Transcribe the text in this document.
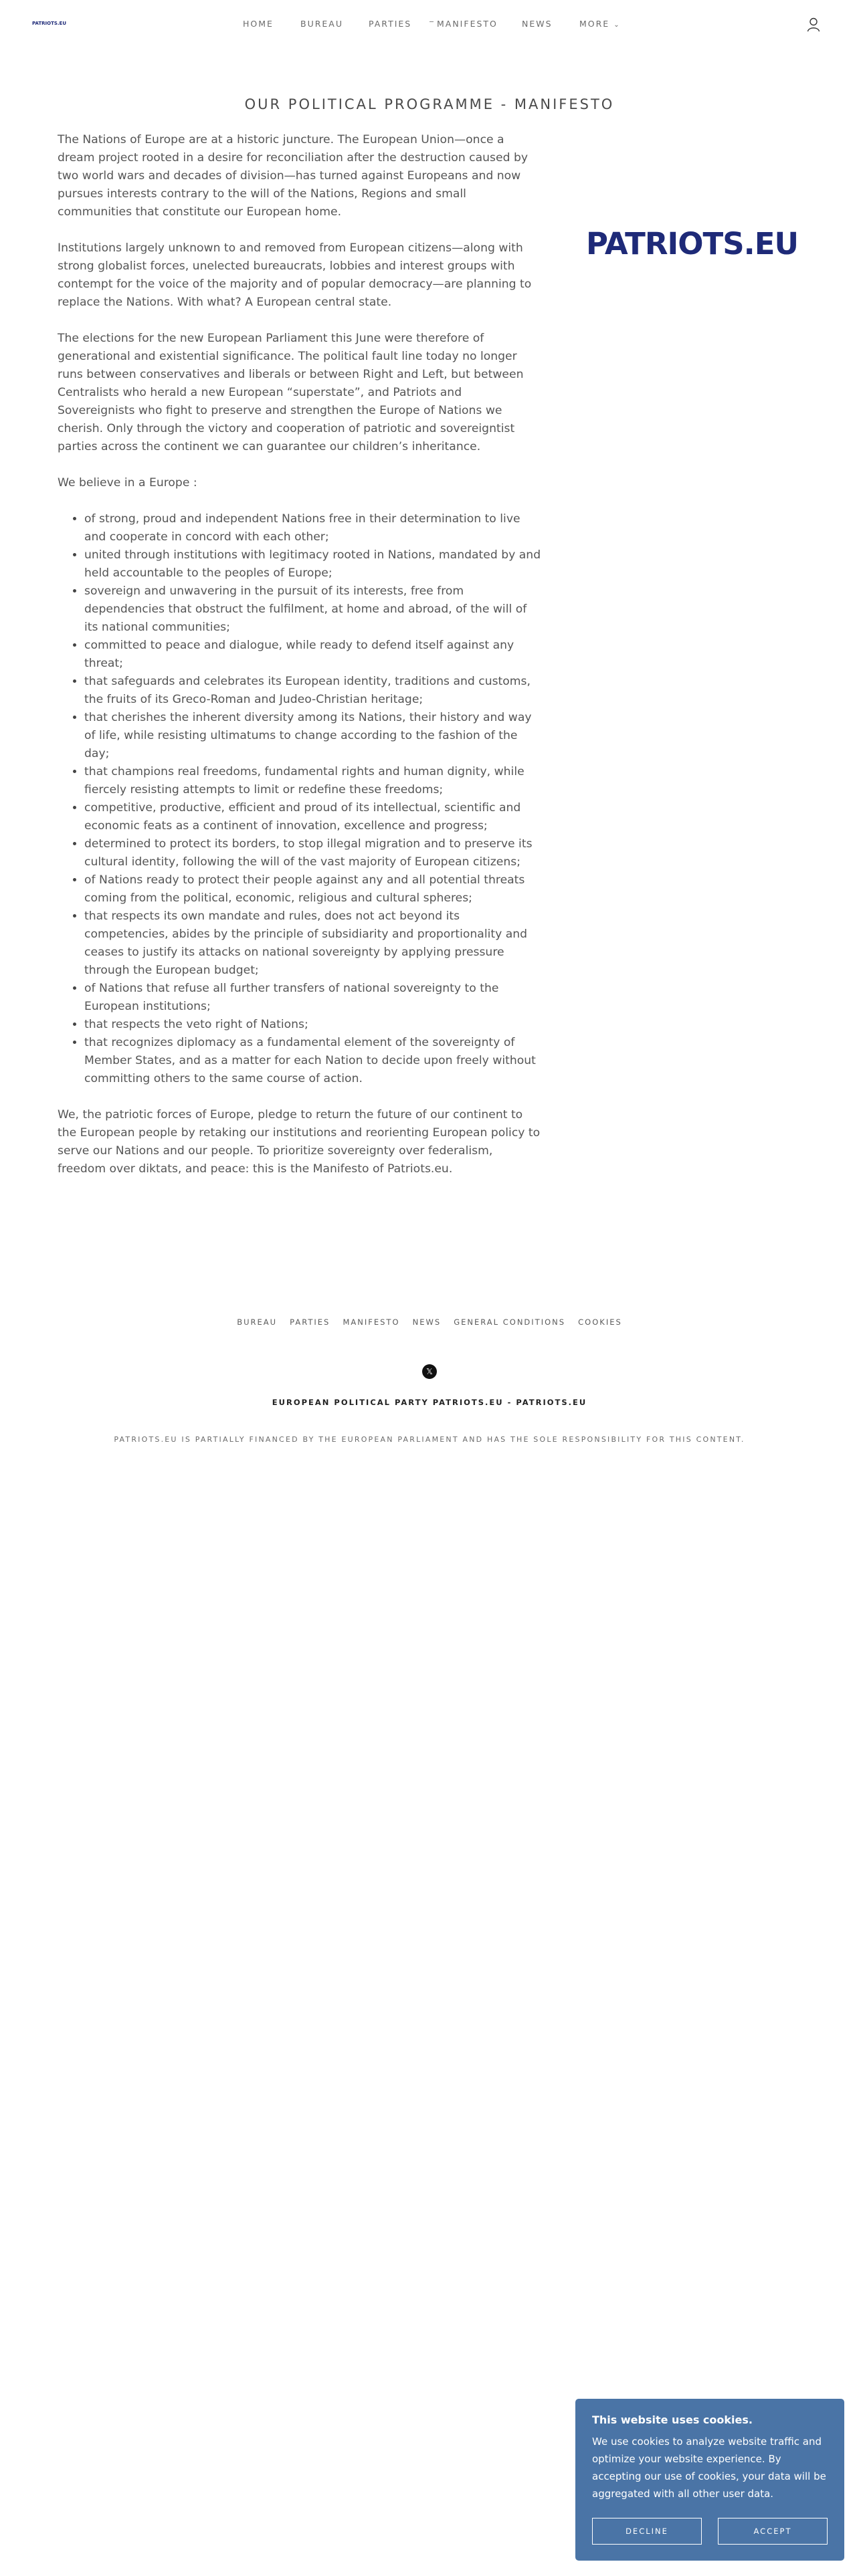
PATRIOTS.EU	HOME	BUREAU	PARTIES	MANIFESTO	NEWS	MORE ⌄
OUR POLITICAL PROGRAMME - MANIFESTO
PATRIOTS.EU

The Nations of Europe are at a historic juncture. The European Union—once a dream project rooted in a desire for reconciliation after the destruction caused by two world wars and decades of division—has turned against Europeans and now pursues interests contrary to the will of the Nations, Regions and small communities that constitute our European home.

Institutions largely unknown to and removed from European citizens—along with strong globalist forces, unelected bureaucrats, lobbies and interest groups with contempt for the voice of the majority and of popular democracy—are planning to replace the Nations. With what? A European central state.

The elections for the new European Parliament this June were therefore of generational and existential significance. The political fault line today no longer runs between conservatives and liberals or between Right and Left, but between Centralists who herald a new European “superstate”, and Patriots and Sovereignists who fight to preserve and strengthen the Europe of Nations we cherish. Only through the victory and cooperation of patriotic and sovereigntist parties across the continent we can guarantee our children’s inheritance.

We believe in a Europe :

• of strong, proud and independent Nations free in their determination to live and cooperate in concord with each other;
• united through institutions with legitimacy rooted in Nations, mandated by and held accountable to the peoples of Europe;
• sovereign and unwavering in the pursuit of its interests, free from dependencies that obstruct the fulfilment, at home and abroad, of the will of its national communities;
• committed to peace and dialogue, while ready to defend itself against any threat;
• that safeguards and celebrates its European identity, traditions and customs, the fruits of its Greco-Roman and Judeo-Christian heritage;
• that cherishes the inherent diversity among its Nations, their history and way of life, while resisting ultimatums to change according to the fashion of the day;
• that champions real freedoms, fundamental rights and human dignity, while fiercely resisting attempts to limit or redefine these freedoms;
• competitive, productive, efficient and proud of its intellectual, scientific and economic feats as a continent of innovation, excellence and progress;
• determined to protect its borders, to stop illegal migration and to preserve its cultural identity, following the will of the vast majority of European citizens;
• of Nations ready to protect their people against any and all potential threats coming from the political, economic, religious and cultural spheres;
• that respects its own mandate and rules, does not act beyond its competencies, abides by the principle of subsidiarity and proportionality and ceases to justify its attacks on national sovereignty by applying pressure through the European budget;
• of Nations that refuse all further transfers of national sovereignty to the European institutions;
• that respects the veto right of Nations;
• that recognizes diplomacy as a fundamental element of the sovereignty of Member States, and as a matter for each Nation to decide upon freely without committing others to the same course of action.

We, the patriotic forces of Europe, pledge to return the future of our continent to the European people by retaking our institutions and reorienting European policy to serve our Nations and our people. To prioritize sovereignty over federalism, freedom over diktats, and peace: this is the Manifesto of Patriots.eu.

BUREAU PARTIES MANIFESTO NEWS GENERAL CONDITIONS COOKIES
𝕏
EUROPEAN POLITICAL PARTY PATRIOTS.EU - PATRIOTS.EU
PATRIOTS.EU IS PARTIALLY FINANCED BY THE EUROPEAN PARLIAMENT AND HAS THE SOLE RESPONSIBILITY FOR THIS CONTENT.

This website uses cookies.

We use cookies to analyze website traffic and optimize your website experience. By accepting our use of cookies, your data will be aggregated with all other user data.

DECLINE	ACCEPT
